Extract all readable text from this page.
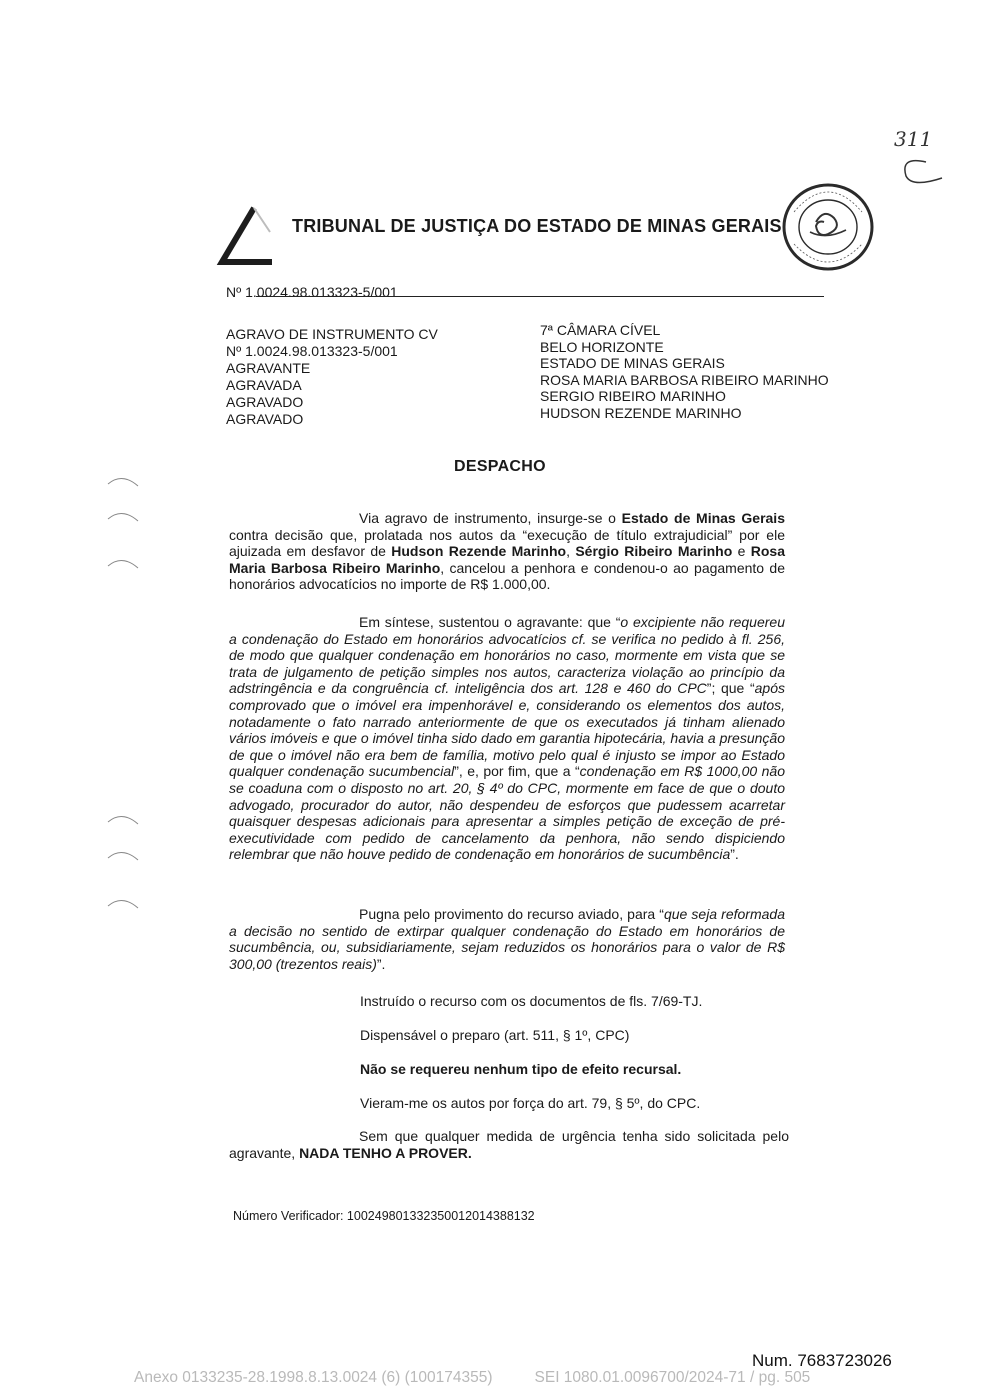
TRIBUNAL DE JUSTIÇA DO ESTADO DE MINAS GERAIS
311
Nº 1.0024.98.013323-5/001
AGRAVO DE INSTRUMENTO CV
Nº 1.0024.98.013323-5/001
AGRAVANTE
AGRAVADA
AGRAVADO
AGRAVADO
7ª CÂMARA CÍVEL
BELO HORIZONTE
ESTADO DE MINAS GERAIS
ROSA MARIA BARBOSA RIBEIRO MARINHO
SERGIO RIBEIRO MARINHO
HUDSON REZENDE MARINHO
DESPACHO
Via agravo de instrumento, insurge-se o Estado de Minas Gerais contra decisão que, prolatada nos autos da “execução de título extrajudicial” por ele ajuizada em desfavor de Hudson Rezende Marinho, Sérgio Ribeiro Marinho e Rosa Maria Barbosa Ribeiro Marinho, cancelou a penhora e condenou-o ao pagamento de honorários advocatícios no importe de R$ 1.000,00.
Em síntese, sustentou o agravante: que “o excipiente não requereu a condenação do Estado em honorários advocatícios cf. se verifica no pedido à fl. 256, de modo que qualquer condenação em honorários no caso, mormente em vista que se trata de julgamento de petição simples nos autos, caracteriza violação ao princípio da adstringência e da congruência cf. inteligência dos art. 128 e 460 do CPC”; que “após comprovado que o imóvel era impenhorável e, considerando os elementos dos autos, notadamente o fato narrado anteriormente de que os executados já tinham alienado vários imóveis e que o imóvel tinha sido dado em garantia hipotecária, havia a presunção de que o imóvel não era bem de família, motivo pelo qual é injusto se impor ao Estado qualquer condenação sucumbencial”, e, por fim, que a “condenação em R$ 1000,00 não se coaduna com o disposto no art. 20, § 4º do CPC, mormente em face de que o douto advogado, procurador do autor, não despendeu de esforços que pudessem acarretar quaisquer despesas adicionais para apresentar a simples petição de exceção de pré-executividade com pedido de cancelamento da penhora, não sendo dispiciendo relembrar que não houve pedido de condenação em honorários de sucumbência”.
Pugna pelo provimento do recurso aviado, para “que seja reformada a decisão no sentido de extirpar qualquer condenação do Estado em honorários de sucumbência, ou, subsidiariamente, sejam reduzidos os honorários para o valor de R$ 300,00 (trezentos reais)”.
Instruído o recurso com os documentos de fls. 7/69-TJ.
Dispensável o preparo (art. 511, § 1º, CPC)
Não se requereu nenhum tipo de efeito recursal.
Vieram-me os autos por força do art. 79, § 5º, do CPC.
Sem que qualquer medida de urgência tenha sido solicitada pelo agravante, NADA TENHO A PROVER.
Número Verificador: 100249801332350012014388132
Num. 7683723026
Anexo 0133235-28.1998.8.13.0024 (6) (100174355)	SEI 1080.01.0096700/2024-71 / pg. 505
